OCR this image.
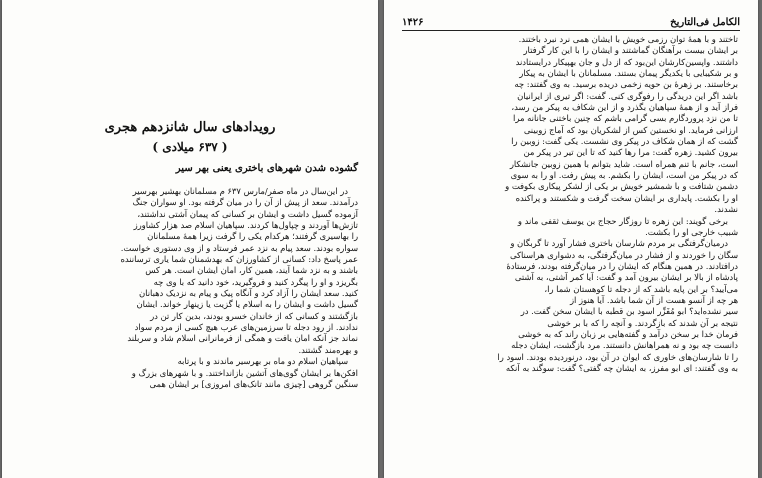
رویدادهای سال شانزدهم هجری
( ۶۳۷ میلادی )
گشوده شدن شهرهای باختری یعنی بهر سیر

در این‌سال در ماه صفر/مارس ۶۳۷ م مسلمانان بهشیر بهرسیر

درآمدند. سعد از پیش از آن را در میان گرفته بود. او سواران جنگ

آزموده گسیل داشت و ایشان بر کسانی که پیمان آشتی نداشتند،

تازش‌ها آوردند و چپاول‌ها کردند. سپاهیان اسلام صد هزار کشاورز

را بهاسیری گرفتند؛ هرکدام یکی را گرفت زیرا همهٔ مسلمانان

سواره بودند. سعد پیام به نزد عمر فرستاد و از وی دستوری خواست.

عمر پاسخ داد: کسانی از کشاورزان که بهدشمنان شما یاری ترساننده

باشند و به نزد شما آیند، همین کار، امان ایشان است. هر کس

بگریزد و او را پیگرد کنید و فروگیرید، خود دانید که با وی چه

کنید. سعد ایشان را آزاد کرد و آنگاه پیک و پیام به نزدیک دهبانان

گسیل داشت و ایشان را به اسلام یا گزیت یا زینهار خواند. ایشان

بازگشتند و کسانی که از خاندان خسرو بودند، بدین کار تن در

ندادند. از رود دجله تا سرزمین‌های عرب هیچ کسی از مردم سواد

نماند جز آنکه امان یافت و همگی از فرمانرانی اسلام شاد و سربلند

و بهره‌مند گشتند.

سپاهیان اسلام دو ماه بر بهرسیر ماندند و با پرتابه

افکن‌ها بر ایشان گوی‌های آتشین بازانداختند. و با شهرهای بزرگ و

سنگین گروهی [چیزی مانند تانک‌های امروزی] بر ایشان همی

الکامل فی‌التاریخ
۱۴۲۶

تاختند و با همهٔ توان رزمی خویش با ایشان همی نرد نبرد باختند.

بر ایشان بیست برآهنگان گماشتند و ایشان را با این کار گرفتار

داشتند. واپسین‌کارشان این‌بود که از دل و جان بهپیکار درایستادند

و بر شکیبایی با یکدیگر پیمان بستند. مسلمانان با ایشان به پیکار

برخاستند. بر زهرهٔ بن حویه زخمی دریده برسید. به وی گفتند: چه

باشد اگر این دریدگی را رفوگری کنی. گفت: اگر تیری از ایرانیان

فراز آید و از همهٔ سپاهیان بگذرد و از این شکاف به پیکر من رسد،

تا من نزد پروردگارم بسی گرامی باشم که چنین باختنی جانانه مرا

ارزانی فرماید. او نخستین کس از لشکریان بود که آماج زوبینی

گشت که از همان شکاف در پیکر وی نشست. یکی گفت: زوبین را

بیرون کشید. زهره گفت: مرا رها کنید که تا این تیر در پیکر من

است، جانم با تنم همراه است. شاید بتوانم با همین زوبین جانشکار

که در پیکر من است، ایشان را بکشم. به پیش رفت. او را به سوی

دشمن شتافت و با شمشیر خویش بر یکی از لشکر پیکاری بکوفت و

او را بکشت. پایداری بر ایشان سخت گرفت و شکستند و پراکنده

نشدند.

برخی گویند: این زهره تا روزگار حجاج بن یوسف ثقفی ماند و

شبیب خارجی او را بکشت.

درمیان‌گرفتگی بر مردم شارسان باختری فشار آورد تا گربگان و

سگان را خوردند و از فشار در میان‌گرفتگی، به دشواری هراسناکی

درافتادند. در همین هنگام که ایشان را در میان‌گرفته بودند، فرستادهٔ

پادشاه از بالا بر ایشان بیرون آمد و گفت: آیا کمر آشتی، به آشتی

می‌آیید؟ بر این پایه باشد که از دجله تا کوهستان شما را،

هر چه از آنسو هست از آن شما باشد. آیا هنوز از

سیر نشده‌اید؟ ابو مُفَزِّر اسود بن قطبه با ایشان سخن گفت. در

نتیجه بر آن شدند که بازگردند. و آنچه را که با بر خوشی

فرمان خدا بر سخن درآمد و گفته‌هایی بر زبان راند که به خوشی

دانست چه بود و نه همراهانش دانستند. مرد بازگشت، ایشان دجله

را تا شارسان‌های خاوری که ایوان در آن بود، درنوردیده بودند. اسود را

به وی گفتند: ای ابو مفرز، به ایشان چه گفتی؟ گفت: سوگند به آنکه
